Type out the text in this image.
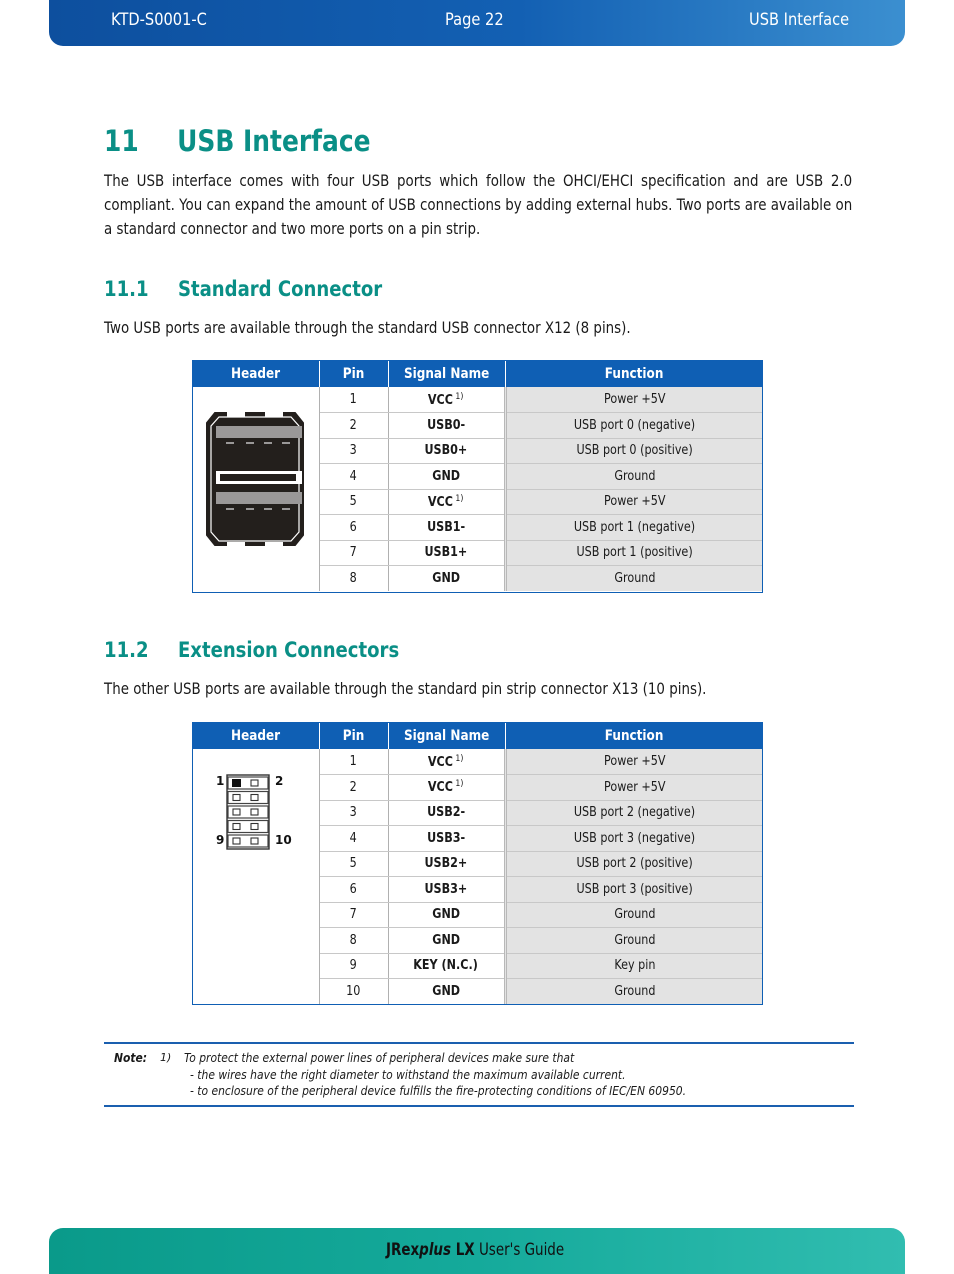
KTD-S0001-C	Page 22	USB Interface
11 USB Interface
The USB interface comes with four USB ports which follow the OHCI/EHCI specification and are USB 2.0 compliant. You can expand the amount of USB connections by adding external hubs. Two ports are available on a standard connector and two more ports on a pin strip.
11.1 Standard Connector
Two USB ports are available through the standard USB connector X12 (8 pins).
Header	Pin	Signal Name	Function

	1	VCC $^{1)}$	Power +5V
	2	USB0-	USB port 0 (negative)
	3	USB0+	USB port 0 (positive)
	4	GND	Ground
	5	VCC $^{1)}$	Power +5V
	6	USB1-	USB port 1 (negative)
	7	USB1+	USB port 1 (positive)
	8	GND	Ground
11.2 Extension Connectors
The other USB ports are available through the standard pin strip connector X13 (10 pins).
Header	Pin	Signal Name	Function

1 2
9 10	1	VCC $^{1)}$	Power +5V
	2	VCC $^{1)}$	Power +5V
	3	USB2-	USB port 2 (negative)
	4	USB3-	USB port 3 (negative)
	5	USB2+	USB port 2 (positive)
	6	USB3+	USB port 3 (positive)
	7	GND	Ground
	8	GND	Ground
	9	KEY (N.C.)	Key pin
	10	GND	Ground
Note: 1) To protect the external power lines of peripheral devices make sure that
- the wires have the right diameter to withstand the maximum available current.
- to enclosure of the peripheral device fulfills the fire-protecting conditions of IEC/EN 60950.
JRexplus LX User's Guide
